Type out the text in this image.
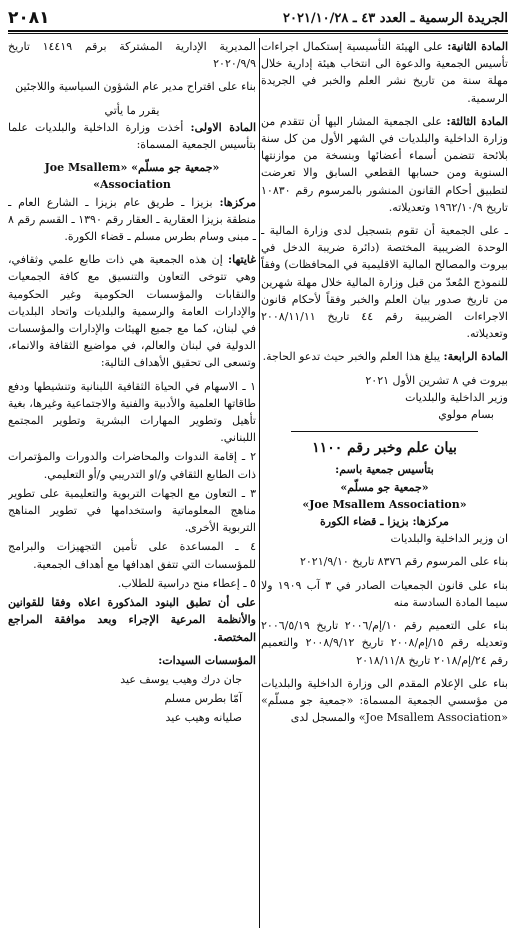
الجريدة الرسمية ـ العدد ٤٣ ـ ٢٠٢١/١٠/٢٨
٢٠٨١

المادة الثانية: على الهيئة التأسيسية إستكمال اجراءات تأسيس الجمعية والدعوة الى انتخاب هيئة إدارية خلال مهلة سنة من تاريخ نشر العلم والخبر في الجريدة الرسمية.

المادة الثالثة: على الجمعية المشار اليها أن تتقدم من وزارة الداخلية والبلديات في الشهر الأول من كل سنة بلائحة تتضمن أسماء أعضائها وبنسخة من موازنتها السنوية ومن حسابها القطعي السابق والا تعرضت لتطبيق أحكام القانون المنشور بالمرسوم رقم ١٠٨٣٠ تاريخ ١٩٦٢/١٠/٩ وتعديلاته.

ـ على الجمعية أن تقوم بتسجيل لدى وزارة المالية ـ الوحدة الضريبية المختصة (دائرة ضريبة الدخل في بيروت والمصالح المالية الاقليمية في المحافظات) وفقاً للنموذج المُعدّ من قبل وزارة المالية خلال مهلة شهرين من تاريخ صدور بيان العلم والخبر وفقاً لأحكام قانون الاجراءات الضريبية رقم ٤٤ تاريخ ٢٠٠٨/١١/١١ وتعديلاته.

المادة الرابعة: يبلغ هذا العلم والخبر حيث تدعو الحاجة.

بيروت في ٨ تشرين الأول ٢٠٢١
وزير الداخلية والبلديات
بسام مولوي
بيان علم وخبر رقم ١١٠٠
بتأسيس جمعية باسم:
«جمعية جو مسلّم»
«Joe Msallem Association»
مركزها: بزيزا ـ قضاء الكورة

ان وزير الداخلية والبلديات

بناء على المرسوم رقم ٨٣٧٦ تاريخ ٢٠٢١/٩/١٠

بناء على قانون الجمعيات الصادر في ٣ آب ١٩٠٩ ولا سيما المادة السادسة منه

بناء على التعميم رقم ١٠/إم/٢٠٠٦ تاريخ ٢٠٠٦/٥/١٩ وتعديله رقم ١٥/إم/٢٠٠٨ تاريخ ٢٠٠٨/٩/١٢ والتعميم رقم ٢٤/إم/٢٠١٨ تاريخ ٢٠١٨/١١/٨

بناء على الإعلام المقدم الى وزارة الداخلية والبلديات من مؤسسي الجمعية المسماة: «جمعية جو مسلّم» «Joe Msallem Association» والمسجل لدى

المديرية الإدارية المشتركة برقم ١٤٤١٩ تاريخ ٢٠٢٠/٩/٩

بناء على اقتراح مدير عام الشؤون السياسية واللاجئين

يقرر ما يأتي

المادة الاولى: أخذت وزارة الداخلية والبلديات علما بتأسيس الجمعية المسماة:

«جمعية جو مسلّم» «Joe Msallem Association»

مركزها: بزيزا ـ طريق عام بزيزا ـ الشارع العام ـ منطقة بزيزا العقارية ـ العقار رقم ١٣٩٠ ـ القسم رقم ٨ ـ مبنى وسام بطرس مسلم ـ قضاء الكورة.

غايتها: إن هذه الجمعية هي ذات طابع علمي وثقافي، وهي تتوخى التعاون والتنسيق مع كافة الجمعيات والنقابات والمؤسسات الحكومية وغير الحكومية والإدارات العامة والرسمية والبلديات واتحاد البلديات في لبنان، كما مع جميع الهيئات والإدارات والمؤسسات الدولية في لبنان والعالم، في مواضيع الثقافة والانماء، وتسعى الى تحقيق الأهداف التالية:

١ ـ الاسهام في الحياة الثقافية اللبنانية وتنشيطها ودفع طاقاتها العلمية والأدبية والفنية والاجتماعية وغيرها، بغية تأهيل وتطوير المهارات البشرية وتطوير المجتمع اللبناني.
٢ ـ إقامة الندوات والمحاضرات والدورات والمؤتمرات ذات الطابع الثقافي و/او التدريبي و/أو التعليمي.
٣ ـ التعاون مع الجهات التربوية والتعليمية على تطوير مناهج المعلوماتية واستخدامها في تطوير المناهج التربوية الأخرى.
٤ ـ المساعدة على تأمين التجهيزات والبرامج للمؤسسات التي تتفق اهدافها مع أهداف الجمعية.
٥ ـ إعطاء منح دراسية للطلاب.

على أن تطبق البنود المذكورة اعلاه وفقا للقوانين والأنظمة المرعية الإجراء وبعد موافقة المراجع المختصة.

المؤسسات السيدات:
جان درك وهيب يوسف عيد
آمّا بطرس مسلم
صليانه وهيب عيد
